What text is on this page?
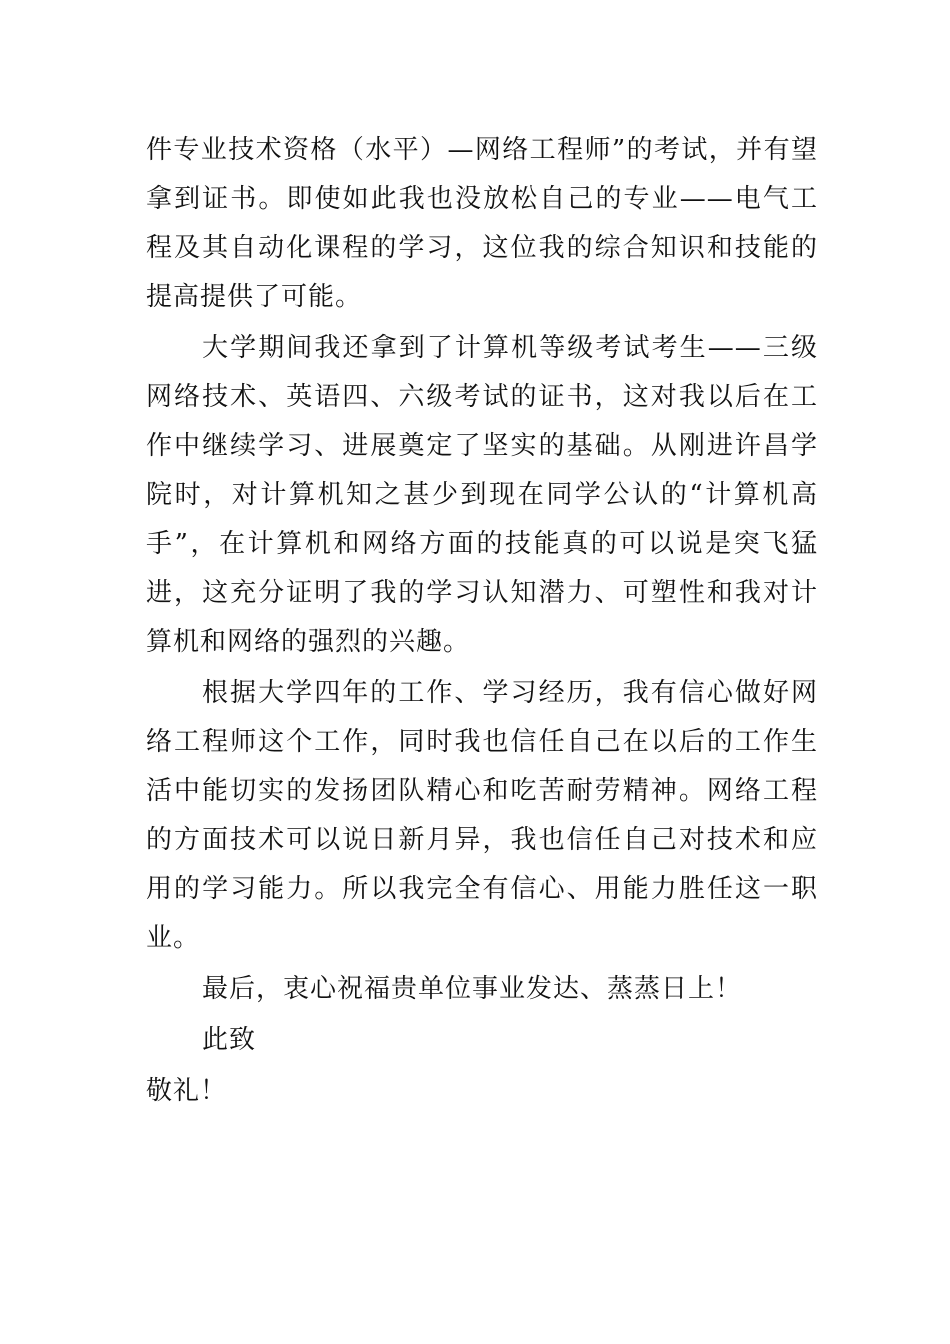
件专业技术资格（水平）—网络工程师”的考试，并有望拿到证书。即使如此我也没放松自己的专业——电气工程及其自动化课程的学习，这位我的综合知识和技能的提高提供了可能。

大学期间我还拿到了计算机等级考试考生——三级网络技术、英语四、六级考试的证书，这对我以后在工作中继续学习、进展奠定了坚实的基础。从刚进许昌学院时，对计算机知之甚少到现在同学公认的“计算机高手”，在计算机和网络方面的技能真的可以说是突飞猛进，这充分证明了我的学习认知潜力、可塑性和我对计算机和网络的强烈的兴趣。

根据大学四年的工作、学习经历，我有信心做好网络工程师这个工作，同时我也信任自己在以后的工作生活中能切实的发扬团队精心和吃苦耐劳精神。网络工程的方面技术可以说日新月异，我也信任自己对技术和应用的学习能力。所以我完全有信心、用能力胜任这一职业。

最后，衷心祝福贵单位事业发达、蒸蒸日上！

此致

敬礼！
